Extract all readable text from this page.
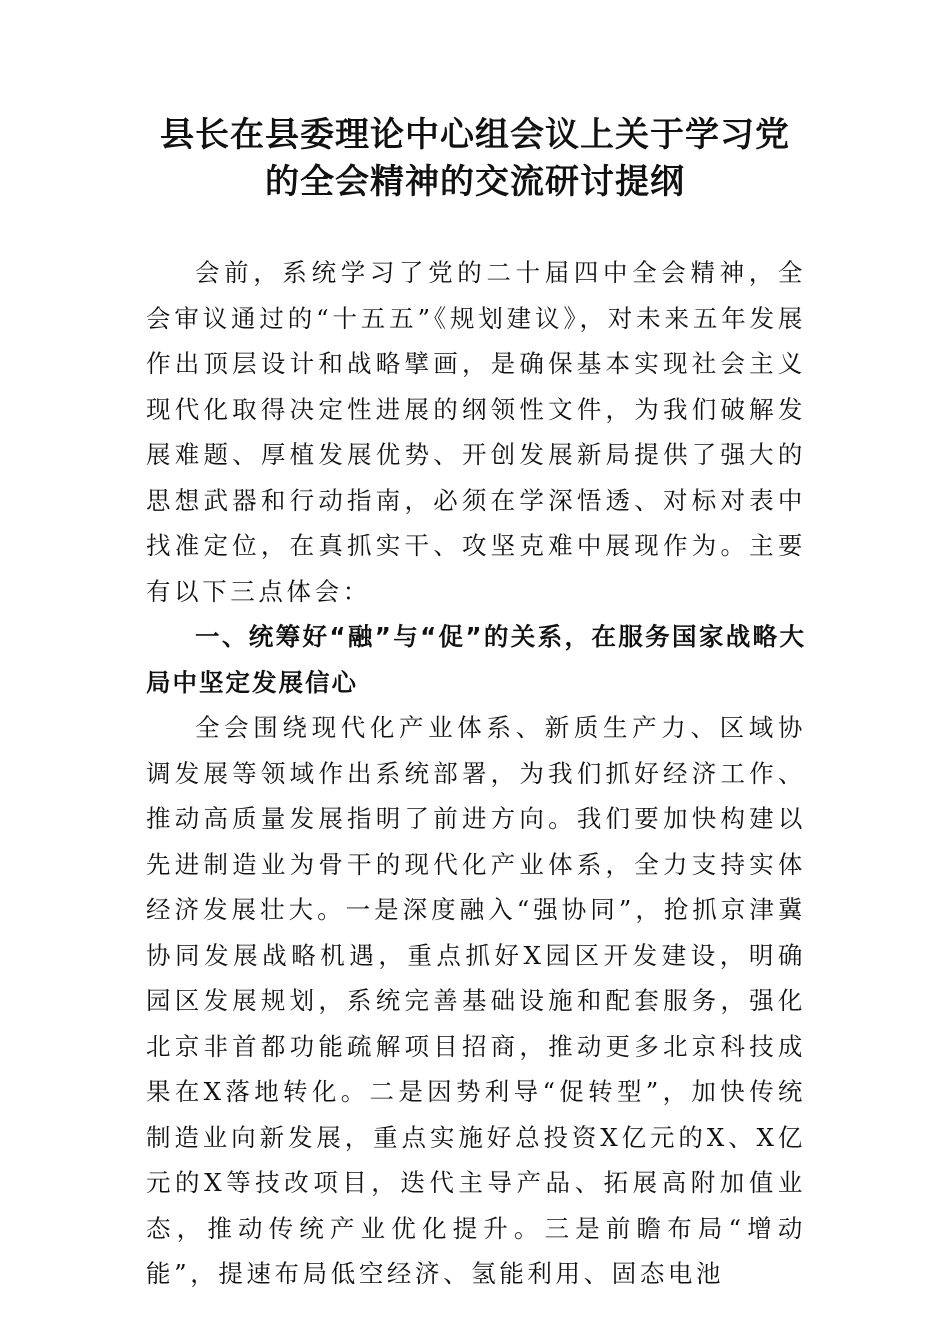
县长在县委理论中心组会议上关于学习党
的全会精神的交流研讨提纲

会前，系统学习了党的二十届四中全会精神，全会审议通过的“十五五”《规划建议》，对未来五年发展作出顶层设计和战略擘画，是确保基本实现社会主义现代化取得决定性进展的纲领性文件，为我们破解发展难题、厚植发展优势、开创发展新局提供了强大的思想武器和行动指南，必须在学深悟透、对标对表中找准定位，在真抓实干、攻坚克难中展现作为。主要有以下三点体会：

一、统筹好“融”与“促”的关系，在服务国家战略大局中坚定发展信心

全会围绕现代化产业体系、新质生产力、区域协调发展等领域作出系统部署，为我们抓好经济工作、推动高质量发展指明了前进方向。我们要加快构建以先进制造业为骨干的现代化产业体系，全力支持实体经济发展壮大。一是深度融入“强协同”，抢抓京津冀协同发展战略机遇，重点抓好X园区开发建设，明确园区发展规划，系统完善基础设施和配套服务，强化北京非首都功能疏解项目招商，推动更多北京科技成果在X落地转化。二是因势利导“促转型”，加快传统制造业向新发展，重点实施好总投资X亿元的X、X亿元的X等技改项目，迭代主导产品、拓展高附加值业态，推动传统产业优化提升。三是前瞻布局“增动能”，提速布局低空经济、氢能利用、固态电池
